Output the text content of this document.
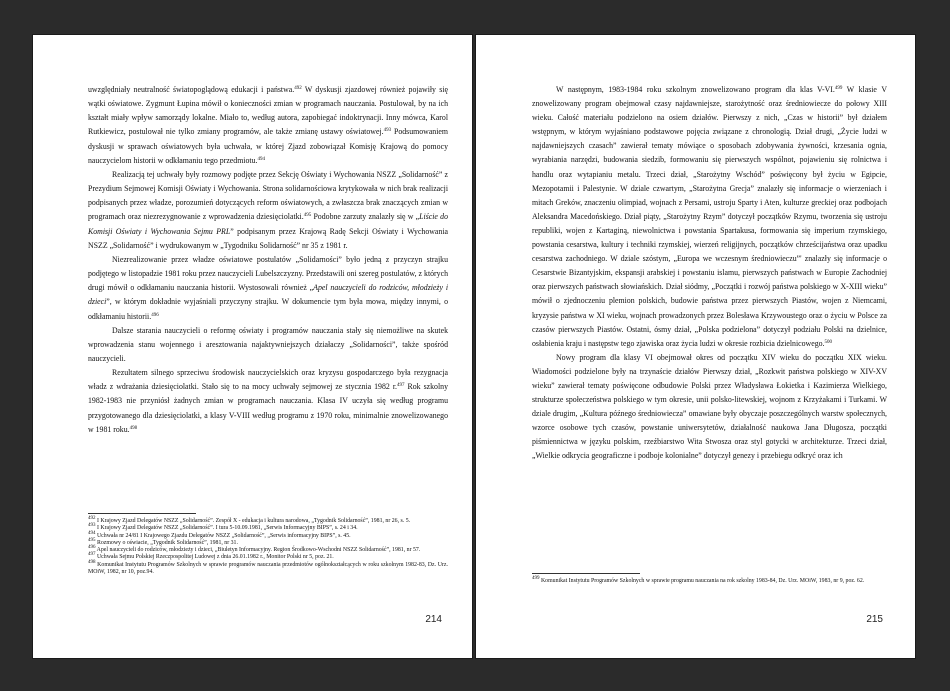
uwzględniały neutralność światopoglądową edukacji i państwa.$^{492}$ W dyskusji zjazdowej również pojawiły się wątki oświatowe. Zygmunt Łupina mówił o konieczności zmian w programach nauczania. Postulował, by na ich kształt miały wpływ samorządy lokalne. Miało to, według autora, zapobiegać indoktrynacji. Inny mówca, Karol Rutkiewicz, postulował nie tylko zmiany programów, ale także zmianę ustawy oświatowej.$^{493}$ Podsumowaniem dyskusji w sprawach oświatowych była uchwała, w której Zjazd zobowiązał Komisję Krajową do pomocy nauczycielom historii w odkłamaniu tego przedmiotu.$^{494}$

Realizacją tej uchwały były rozmowy podjęte przez Sekcję Oświaty i Wychowania NSZZ „Solidarność” z Prezydium Sejmowej Komisji Oświaty i Wychowania. Strona solidarnościowa krytykowała w nich brak realizacji podpisanych przez władze, porozumień dotyczących reform oświatowych, a zwłaszcza brak znaczących zmian w programach oraz niezrezygnowanie z wprowadzenia dziesięciolatki.$^{495}$ Podobne zarzuty znalazły się w „Liście do Komisji Oświaty i Wychowania Sejmu PRL” podpisanym przez Krajową Radę Sekcji Oświaty i Wychowania NSZZ „Solidarność” i wydrukowanym w „Tygodniku Solidarność” nr 35 z 1981 r.

Niezrealizowanie przez władze oświatowe postulatów „Solidarności” było jedną z przyczyn strajku podjętego w listopadzie 1981 roku przez nauczycieli Lubelszczyzny. Przedstawili oni szereg postulatów, z których drugi mówił o odkłamaniu nauczania historii. Wystosowali również „Apel nauczycieli do rodziców, młodzieży i dzieci”, w którym dokładnie wyjaśniali przyczyny strajku. W dokumencie tym była mowa, między innymi, o odkłamaniu historii.$^{496}$

Dalsze starania nauczycieli o reformę oświaty i programów nauczania stały się niemożliwe na skutek wprowadzenia stanu wojennego i aresztowania najaktywniejszych działaczy „Solidarności”, także spośród nauczycieli.

Rezultatem silnego sprzeciwu środowisk nauczycielskich oraz kryzysu gospodarczego była rezygnacja władz z wdrażania dziesięciolatki. Stało się to na mocy uchwały sejmowej ze stycznia 1982 r.$^{497}$ Rok szkolny 1982-1983 nie przyniósł żadnych zmian w programach nauczania. Klasa IV uczyła się według programu przygotowanego dla dziesięciolatki, a klasy V-VIII według programu z 1970 roku, minimalnie znowelizowanego w 1981 roku.$^{498}$

$^{492}$ I Krajowy Zjazd Delegatów NSZZ „Solidarność”. Zespół X - edukacja i kultura narodowa, „Tygodnik Solidarność”, 1981, nr 26, s. 5.
$^{493}$ I Krajowy Zjazd Delegatów NSZZ „Solidarność”. I tura 5-10.09.1981, „Serwis Informacyjny BIPS”, s. 24 i 34.
$^{494}$ Uchwała nr 24/81 I Krajowego Zjazdu Delegatów NSZZ „Solidarność”, „Serwis informacyjny BIPS”, s. 45.
$^{495}$ Rozmowy o oświacie, „Tygodnik Solidarność”, 1981, nr 31.
$^{496}$ Apel nauczycieli do rodziców, młodzieży i dzieci, „Biuletyn Informacyjny. Region Środkowo-Wschodni NSZZ Solidarność”, 1981, nr 57.
$^{497}$ Uchwała Sejmu Polskiej Rzeczpospolitej Ludowej z dnia 26.01.1982 r., Monitor Polski nr 5, poz. 21.
$^{498}$ Komunikat Instytutu Programów Szkolnych w sprawie programów nauczania przedmiotów ogólnokształcących w roku szkolnym 1982-83, Dz. Urz. MOiW, 1982, nr 10, poz.94.
214

W następnym, 1983-1984 roku szkolnym znowelizowano program dla klas V-VI.$^{499}$ W klasie V znowelizowany program obejmował czasy najdawniejsze, starożytność oraz średniowiecze do połowy XIII wieku. Całość materiału podzielono na osiem działów. Pierwszy z nich, „Czas w historii” był działem wstępnym, w którym wyjaśniano podstawowe pojęcia związane z chronologią. Dział drugi, „Życie ludzi w najdawniejszych czasach” zawierał tematy mówiące o sposobach zdobywania żywności, krzesania ognia, wyrabiania narzędzi, budowania siedzib, formowaniu się pierwszych wspólnot, pojawieniu się rolnictwa i handlu oraz wytapianiu metalu. Trzeci dział, „Starożytny Wschód” poświęcony był życiu w Egipcie, Mezopotamii i Palestynie. W dziale czwartym, „Starożytna Grecja” znalazły się informacje o wierzeniach i mitach Greków, znaczeniu olimpiad, wojnach z Persami, ustroju Sparty i Aten, kulturze greckiej oraz podbojach Aleksandra Macedońskiego. Dział piąty, „Starożytny Rzym” dotyczył początków Rzymu, tworzenia się ustroju republiki, wojen z Kartaginą, niewolnictwa i powstania Spartakusa, formowania się imperium rzymskiego, powstania cesarstwa, kultury i techniki rzymskiej, wierzeń religijnych, początków chrześcijaństwa oraz upadku cesarstwa zachodniego. W dziale szóstym, „Europa we wczesnym średniowieczu”' znalazły się informacje o Cesarstwie Bizantyjskim, ekspansji arabskiej i powstaniu islamu, pierwszych państwach w Europie Zachodniej oraz pierwszych państwach słowiańskich. Dział siódmy, „Początki i rozwój państwa polskiego w X-XIII wieku” mówił o zjednoczeniu plemion polskich, budowie państwa przez pierwszych Piastów, wojen z Niemcami, kryzysie państwa w XI wieku, wojnach prowadzonych przez Bolesława Krzywoustego oraz o życiu w Polsce za czasów pierwszych Piastów. Ostatni, ósmy dział, „Polska podzielona” dotyczył podziału Polski na dzielnice, osłabienia kraju i następstw tego zjawiska oraz życia ludzi w okresie rozbicia dzielnicowego.$^{500}$

Nowy program dla klasy VI obejmował okres od początku XIV wieku do początku XIX wieku. Wiadomości podzielone były na trzynaście działów Pierwszy dział, „Rozkwit państwa polskiego w XIV-XV wieku” zawierał tematy poświęcone odbudowie Polski przez Władysława Łokietka i Kazimierza Wielkiego, strukturze społeczeństwa polskiego w tym okresie, unii polsko-litewskiej, wojnom z Krzyżakami i Turkami. W dziale drugim, „Kultura późnego średniowiecza” omawiane były obyczaje poszczególnych warstw społecznych, wzorce osobowe tych czasów, powstanie uniwersytetów, działalność naukowa Jana Długosza, początki piśmiennictwa w języku polskim, rzeźbiarstwo Wita Stwosza oraz styl gotycki w architekturze. Trzeci dział, „Wielkie odkrycia geograficzne i podboje kolonialne” dotyczył genezy i przebiegu odkryć oraz ich

$^{499}$ Komunikat Instytutu Programów Szkolnych w sprawie programu nauczania na rok szkolny 1983-84, Dz. Urz. MOiW, 1983, nr 9, poz. 62.
215
